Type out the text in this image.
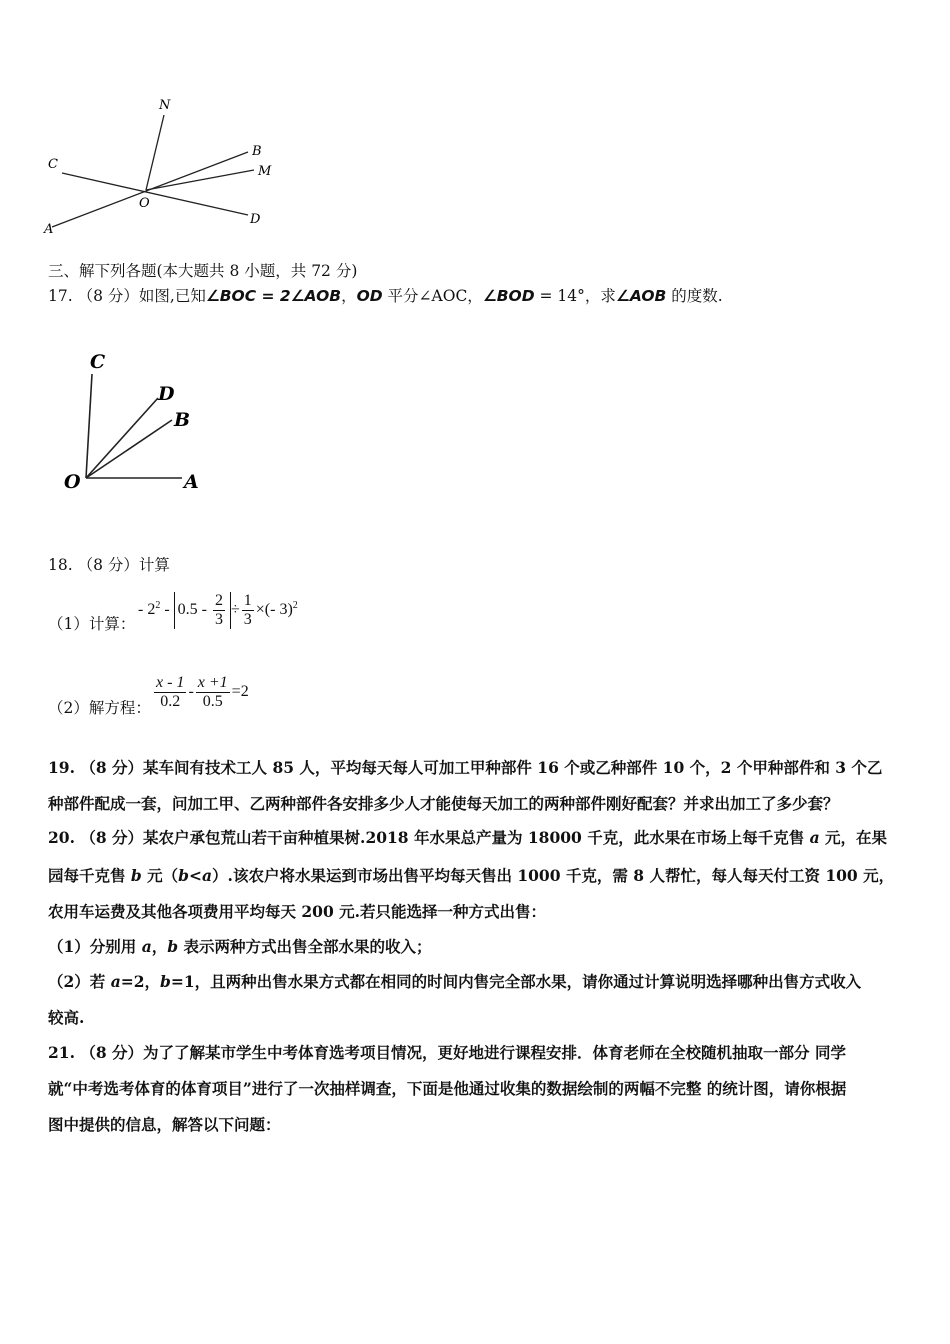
N
C
B
M
O
A
D
三、解下列各题(本大题共 8 小题，共 72 分)
17. （8 分）如图,已知∠BOC = 2∠AOB，OD 平分∠AOC，∠BOD = 14°，求∠AOB 的度数.
C
D
B
O	A
18. （8 分）计算
（1）计算：
- $2^2 - 0.5 - \frac{2}{3} \div \frac{1}{3}$ ×(- 3)$^2$
（2）解方程： $\frac{x - 1}{0.2} - \frac{x +1}{0.5} =2$
19. （8 分）某车间有技术工人 85 人，平均每天每人可加工甲种部件 16 个或乙种部件 10 个，2 个甲种部件和 3 个乙
种部件配成一套，问加工甲、乙两种部件各安排多少人才能使每天加工的两种部件刚好配套？并求出加工了多少套？
20. （8 分）某农户承包荒山若干亩种植果树.2018 年水果总产量为 18000 千克，此水果在市场上每千克售 a 元，在果
园每千克售 b 元（b<a）.该农户将水果运到市场出售平均每天售出 1000 千克，需 8 人帮忙，每人每天付工资 100 元，
农用车运费及其他各项费用平均每天 200 元.若只能选择一种方式出售：
（1）分别用 a，b 表示两种方式出售全部水果的收入；
（2）若 a=2，b=1，且两种出售水果方式都在相同的时间内售完全部水果，请你通过计算说明选择哪种出售方式收入
较高.
21. （8 分）为了了解某市学生中考体育选考项目情况，更好地进行课程安排．体育老师在全校随机抽取一部分 同学
就“中考选考体育的体育项目”进行了一次抽样调查，下面是他通过收集的数据绘制的两幅不完整 的统计图，请你根据
图中提供的信息，解答以下问题：
